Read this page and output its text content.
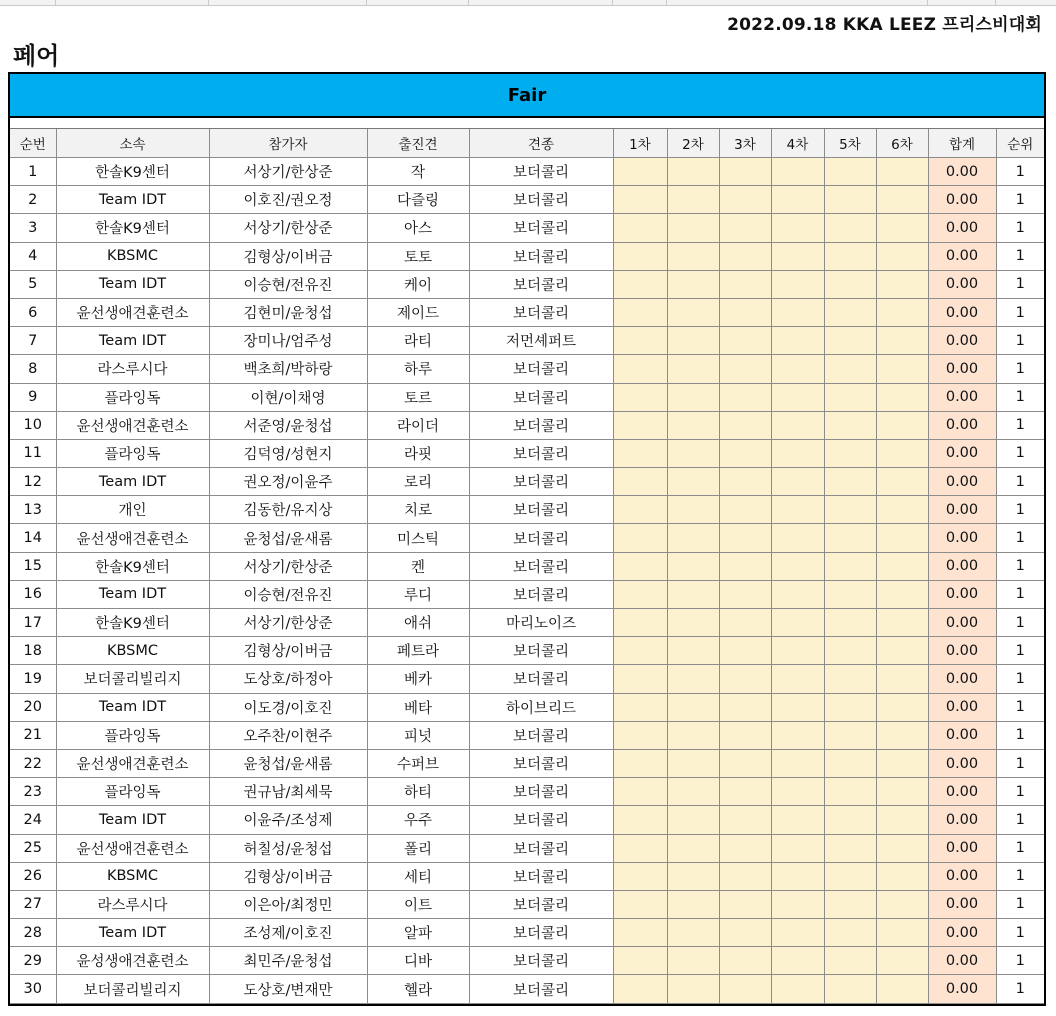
2022.09.18 KKA LEEZ 프리스비대회
페어
Fair
순번	소속	참가자	출진견	견종	1차	2차	3차	4차	5차	6차	합계	순위
1	한솔K9센터	서상기/한상준	작	보더콜리							0.00	1
2	Team IDT	이호진/권오정	다즐링	보더콜리							0.00	1
3	한솔K9센터	서상기/한상준	아스	보더콜리							0.00	1
4	KBSMC	김형상/이버금	토토	보더콜리							0.00	1
5	Team IDT	이승현/전유진	케이	보더콜리							0.00	1
6	윤선생애견훈련소	김현미/윤청섭	제이드	보더콜리							0.00	1
7	Team IDT	장미나/엄주성	라티	저먼셰퍼트							0.00	1
8	라스루시다	백초희/박하랑	하루	보더콜리							0.00	1
9	플라잉독	이현/이채영	토르	보더콜리							0.00	1
10	윤선생애견훈련소	서준영/윤청섭	라이더	보더콜리							0.00	1
11	플라잉독	김덕영/성현지	라핏	보더콜리							0.00	1
12	Team IDT	권오정/이윤주	로리	보더콜리							0.00	1
13	개인	김동한/유지상	치로	보더콜리							0.00	1
14	윤선생애견훈련소	윤청섭/윤새롬	미스틱	보더콜리							0.00	1
15	한솔K9센터	서상기/한상준	켄	보더콜리							0.00	1
16	Team IDT	이승현/전유진	루디	보더콜리							0.00	1
17	한솔K9센터	서상기/한상준	애쉬	마리노이즈							0.00	1
18	KBSMC	김형상/이버금	페트라	보더콜리							0.00	1
19	보더콜리빌리지	도상호/하정아	베카	보더콜리							0.00	1
20	Team IDT	이도경/이호진	베타	하이브리드							0.00	1
21	플라잉독	오주찬/이현주	피넛	보더콜리							0.00	1
22	윤선생애견훈련소	윤청섭/윤새롬	수퍼브	보더콜리							0.00	1
23	플라잉독	권규남/최세묵	하티	보더콜리							0.00	1
24	Team IDT	이윤주/조성제	우주	보더콜리							0.00	1
25	윤선생애견훈련소	허칠성/윤청섭	폴리	보더콜리							0.00	1
26	KBSMC	김형상/이버금	세티	보더콜리							0.00	1
27	라스루시다	이은아/최정민	이트	보더콜리							0.00	1
28	Team IDT	조성제/이호진	알파	보더콜리							0.00	1
29	윤성생애견훈련소	최민주/윤청섭	디바	보더콜리							0.00	1
30	보더콜리빌리지	도상호/변재만	헬라	보더콜리							0.00	1
